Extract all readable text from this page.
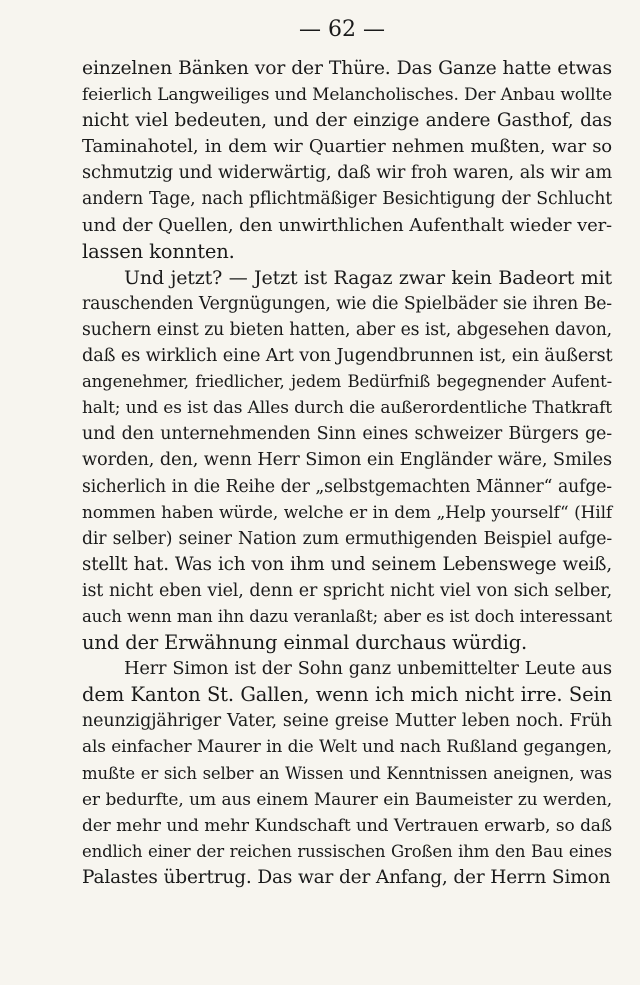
— 62 —
einzelnen Bänken vor der Thüre. Das Ganze hatte etwas
feierlich Langweiliges und Melancholisches. Der Anbau wollte
nicht viel bedeuten, und der einzige andere Gasthof, das
Taminahotel, in dem wir Quartier nehmen mußten, war so
schmutzig und widerwärtig, daß wir froh waren, als wir am
andern Tage, nach pflichtmäßiger Besichtigung der Schlucht
und der Quellen, den unwirthlichen Aufenthalt wieder ver-
lassen konnten.
Und jetzt? — Jetzt ist Ragaz zwar kein Badeort mit
rauschenden Vergnügungen, wie die Spielbäder sie ihren Be-
suchern einst zu bieten hatten, aber es ist, abgesehen davon,
daß es wirklich eine Art von Jugendbrunnen ist, ein äußerst
angenehmer, friedlicher, jedem Bedürfniß begegnender Aufent-
halt; und es ist das Alles durch die außerordentliche Thatkraft
und den unternehmenden Sinn eines schweizer Bürgers ge-
worden, den, wenn Herr Simon ein Engländer wäre, Smiles
sicherlich in die Reihe der „selbstgemachten Männer“ aufge-
nommen haben würde, welche er in dem „Help yourself“ (Hilf
dir selber) seiner Nation zum ermuthigenden Beispiel aufge-
stellt hat. Was ich von ihm und seinem Lebenswege weiß,
ist nicht eben viel, denn er spricht nicht viel von sich selber,
auch wenn man ihn dazu veranlaßt; aber es ist doch interessant
und der Erwähnung einmal durchaus würdig.
Herr Simon ist der Sohn ganz unbemittelter Leute aus
dem Kanton St. Gallen, wenn ich mich nicht irre. Sein
neunzigjähriger Vater, seine greise Mutter leben noch. Früh
als einfacher Maurer in die Welt und nach Rußland gegangen,
mußte er sich selber an Wissen und Kenntnissen aneignen, was
er bedurfte, um aus einem Maurer ein Baumeister zu werden,
der mehr und mehr Kundschaft und Vertrauen erwarb, so daß
endlich einer der reichen russischen Großen ihm den Bau eines
Palastes übertrug. Das war der Anfang, der Herrn Simon
